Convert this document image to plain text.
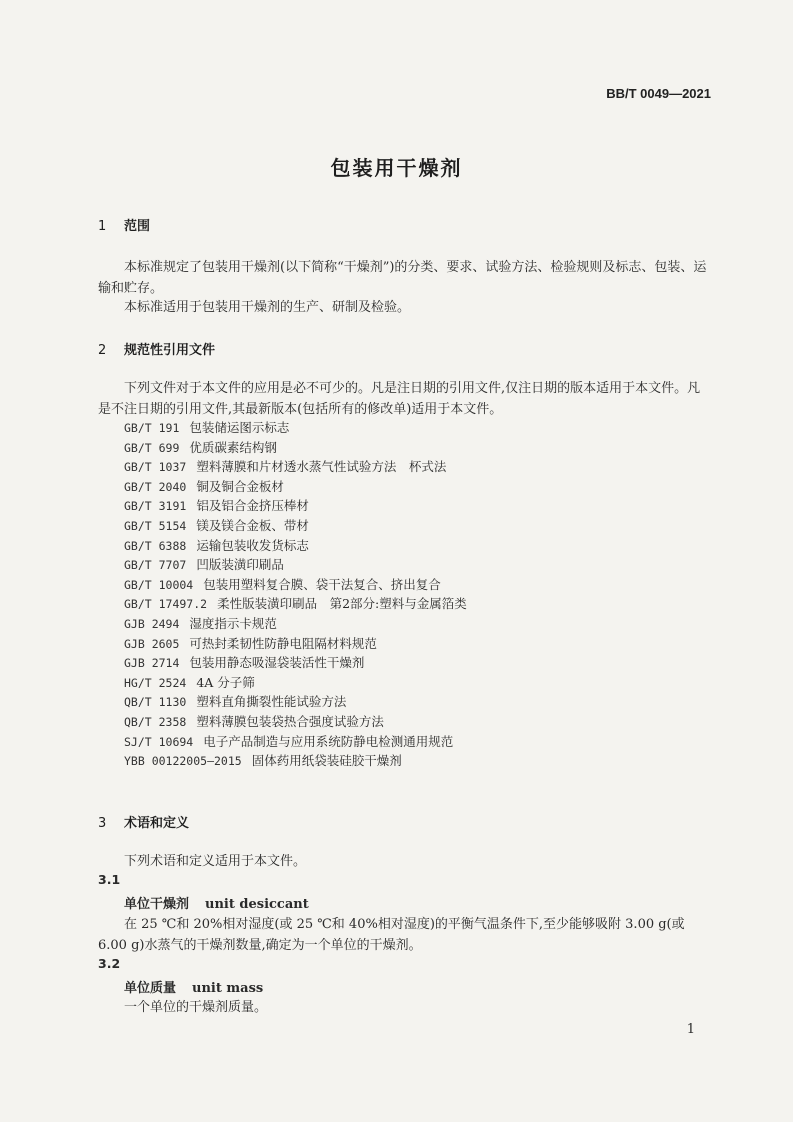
BB/T 0049—2021
包装用干燥剂
1 范围
本标准规定了包装用干燥剂(以下简称“干燥剂”)的分类、要求、试验方法、检验规则及标志、包装、运输和贮存。
本标准适用于包装用干燥剂的生产、研制及检验。
2 规范性引用文件
下列文件对于本文件的应用是必不可少的。凡是注日期的引用文件,仅注日期的版本适用于本文件。凡是不注日期的引用文件,其最新版本(包括所有的修改单)适用于本文件。
GB/T 191 包装储运图示标志
GB/T 699 优质碳素结构钢
GB/T 1037 塑料薄膜和片材透水蒸气性试验方法　杯式法
GB/T 2040 铜及铜合金板材
GB/T 3191 铝及铝合金挤压棒材
GB/T 5154 镁及镁合金板、带材
GB/T 6388 运输包装收发货标志
GB/T 7707 凹版装潢印刷品
GB/T 10004 包装用塑料复合膜、袋干法复合、挤出复合
GB/T 17497.2 柔性版装潢印刷品　第2部分:塑料与金属箔类
GJB 2494 湿度指示卡规范
GJB 2605 可热封柔韧性防静电阻隔材料规范
GJB 2714 包装用静态吸湿袋装活性干燥剂
HG/T 2524 4A 分子筛
QB/T 1130 塑料直角撕裂性能试验方法
QB/T 2358 塑料薄膜包装袋热合强度试验方法
SJ/T 10694 电子产品制造与应用系统防静电检测通用规范
YBB 00122005—2015 固体药用纸袋装硅胶干燥剂
3 术语和定义
下列术语和定义适用于本文件。
3.1
单位干燥剂 unit desiccant
在 25 ℃和 20%相对湿度(或 25 ℃和 40%相对湿度)的平衡气温条件下,至少能够吸附 3.00 g(或 6.00 g)水蒸气的干燥剂数量,确定为一个单位的干燥剂。
3.2
单位质量 unit mass
一个单位的干燥剂质量。
1
